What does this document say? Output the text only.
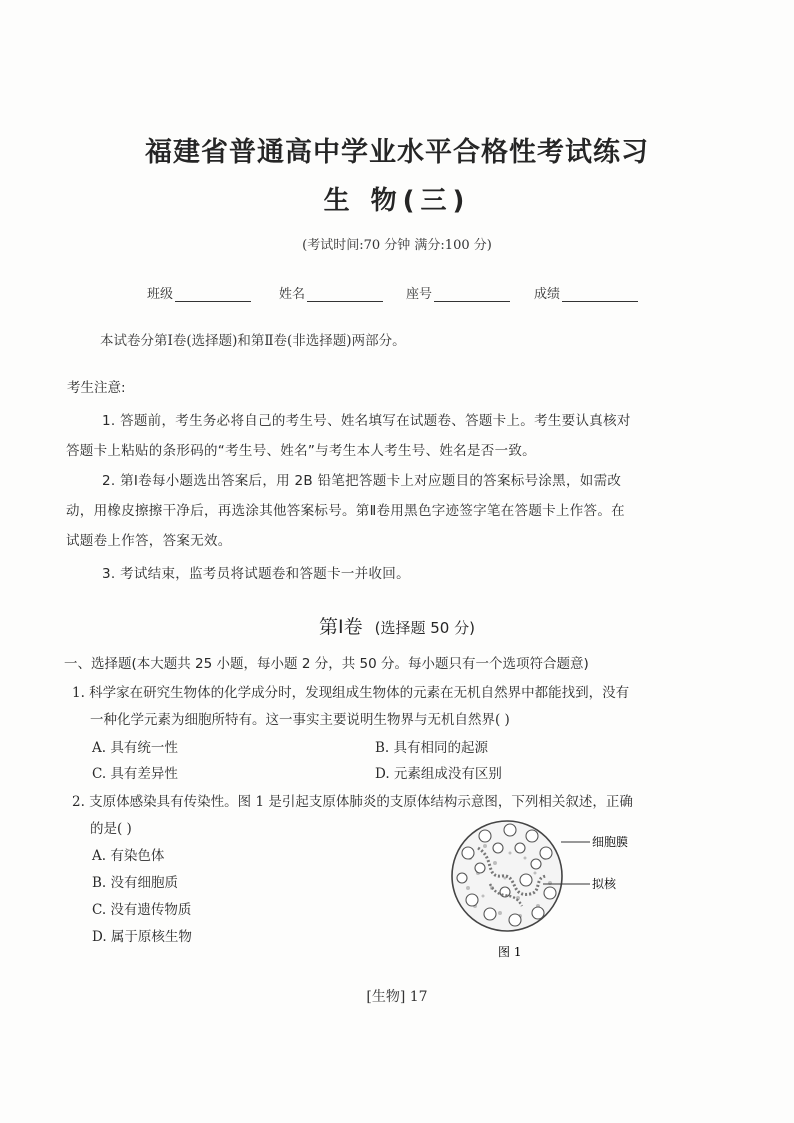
福建省普通高中学业水平合格性考试练习
生 物(三)
(考试时间:70 分钟 满分:100 分)
班级	姓名	座号	成绩
本试卷分第Ⅰ卷(选择题)和第Ⅱ卷(非选择题)两部分。
考生注意:
1. 答题前，考生务必将自己的考生号、姓名填写在试题卷、答题卡上。考生要认真核对
答题卡上粘贴的条形码的“考生号、姓名”与考生本人考生号、姓名是否一致。
2. 第Ⅰ卷每小题选出答案后，用 2B 铅笔把答题卡上对应题目的答案标号涂黑，如需改
动，用橡皮擦擦干净后，再选涂其他答案标号。第Ⅱ卷用黑色字迹签字笔在答题卡上作答。在
试题卷上作答，答案无效。
3. 考试结束，监考员将试题卷和答题卡一并收回。
第Ⅰ卷 (选择题 50 分)
一、选择题(本大题共 25 小题，每小题 2 分，共 50 分。每小题只有一个选项符合题意)
1. 科学家在研究生物体的化学成分时，发现组成生物体的元素在无机自然界中都能找到，没有
一种化学元素为细胞所特有。这一事实主要说明生物界与无机自然界( )
A. 具有统一性	B. 具有相同的起源
C. 具有差异性	D. 元素组成没有区别
2. 支原体感染具有传染性。图 1 是引起支原体肺炎的支原体结构示意图，下列相关叙述，正确
的是( )
A. 有染色体
B. 没有细胞质
C. 没有遗传物质
D. 属于原核生物
细胞膜
拟核
图 1
[生物] 17
